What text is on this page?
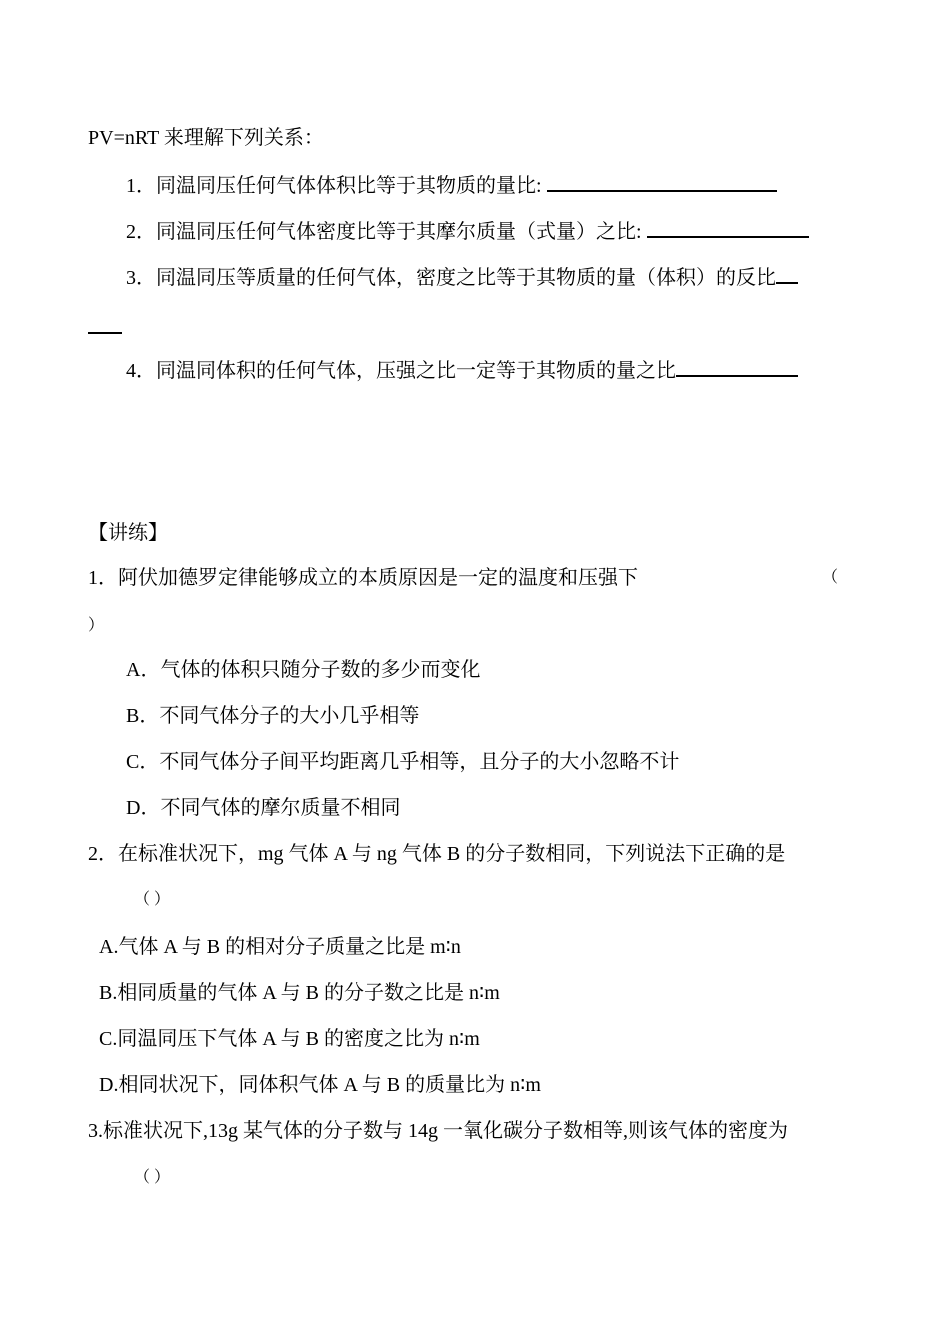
PV=nRT 来理解下列关系：
1．同温同压任何气体体积比等于其物质的量比:
2．同温同压任何气体密度比等于其摩尔质量（式量）之比:
3．同温同压等质量的任何气体，密度之比等于其物质的量（体积）的反比
4．同温同体积的任何气体，压强之比一定等于其物质的量之比
【讲练】
1．阿伏加德罗定律能够成立的本质原因是一定的温度和压强下	（
）
A．气体的体积只随分子数的多少而变化
B．不同气体分子的大小几乎相等
C．不同气体分子间平均距离几乎相等，且分子的大小忽略不计
D．不同气体的摩尔质量不相同
2．在标准状况下，mg 气体 A 与 ng 气体 B 的分子数相同，下列说法下正确的是
（ ）
A.气体 A 与 B 的相对分子质量之比是 m∶n
B.相同质量的气体 A 与 B 的分子数之比是 n∶m
C.同温同压下气体 A 与 B 的密度之比为 n∶m
D.相同状况下，同体积气体 A 与 B 的质量比为 n∶m
3.标准状况下,13g 某气体的分子数与 14g 一氧化碳分子数相等,则该气体的密度为
（ ）
